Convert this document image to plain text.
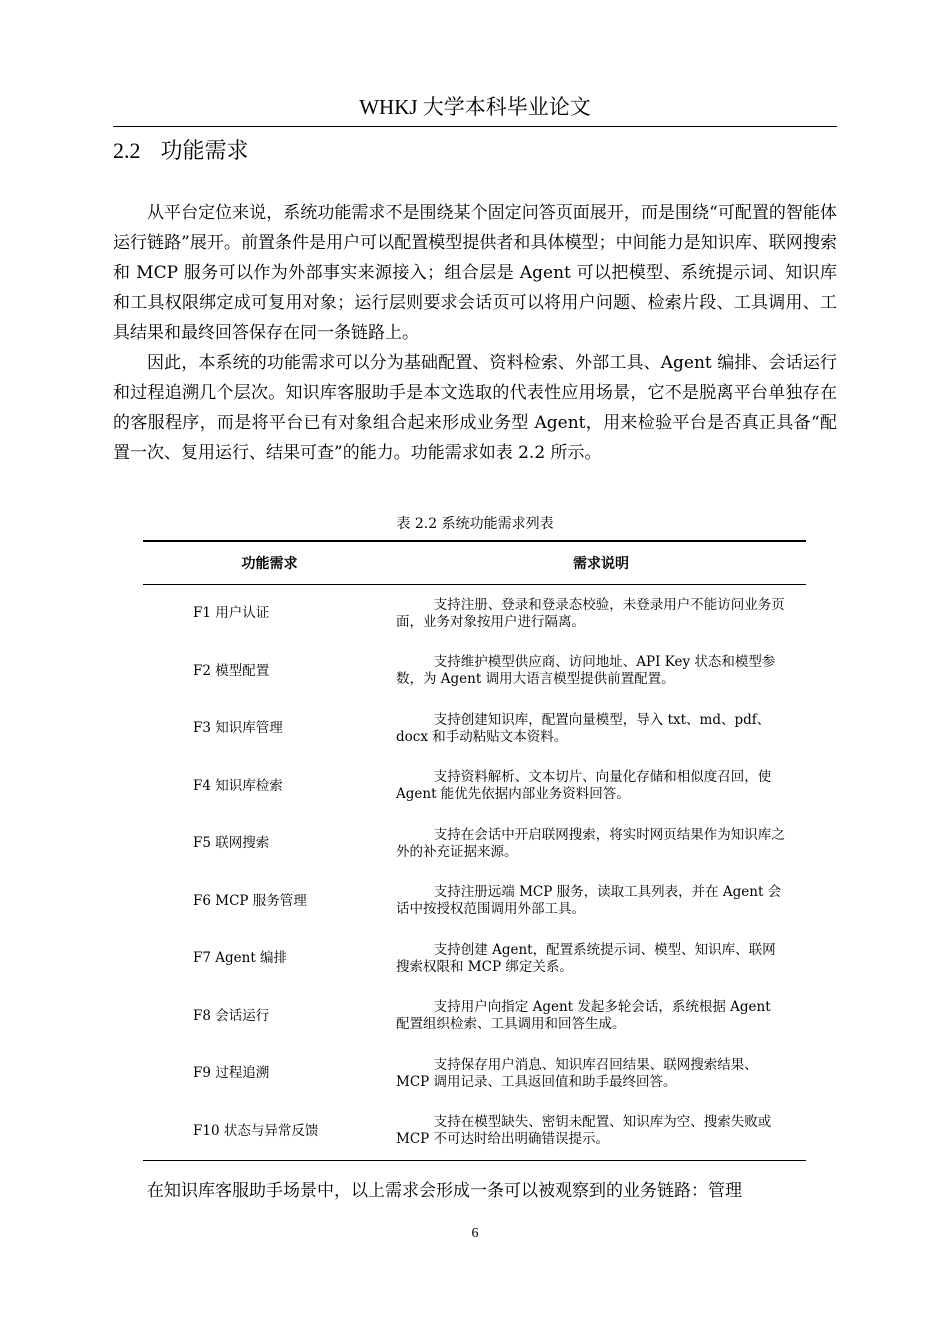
WHKJ 大学本科毕业论文
2.2 功能需求

从平台定位来说，系统功能需求不是围绕某个固定问答页面展开，而是围绕“可配置的智能体运行链路”展开。前置条件是用户可以配置模型提供者和具体模型；中间能力是知识库、联网搜索和 MCP 服务可以作为外部事实来源接入；组合层是 Agent 可以把模型、系统提示词、知识库和工具权限绑定成可复用对象；运行层则要求会话页可以将用户问题、检索片段、工具调用、工具结果和最终回答保存在同一条链路上。

因此，本系统的功能需求可以分为基础配置、资料检索、外部工具、Agent 编排、会话运行和过程追溯几个层次。知识库客服助手是本文选取的代表性应用场景，它不是脱离平台单独存在的客服程序，而是将平台已有对象组合起来形成业务型 Agent，用来检验平台是否真正具备“配置一次、复用运行、结果可查”的能力。功能需求如表 2.2 所示。

表 2.2 系统功能需求列表
功能需求	需求说明
F1 用户认证	支持注册、登录和登录态校验，未登录用户不能访问业务页面，业务对象按用户进行隔离。
F2 模型配置	支持维护模型供应商、访问地址、API Key 状态和模型参数，为 Agent 调用大语言模型提供前置配置。
F3 知识库管理	支持创建知识库，配置向量模型，导入 txt、md、pdf、docx 和手动粘贴文本资料。
F4 知识库检索	支持资料解析、文本切片、向量化存储和相似度召回，使 Agent 能优先依据内部业务资料回答。
F5 联网搜索	支持在会话中开启联网搜索，将实时网页结果作为知识库之外的补充证据来源。
F6 MCP 服务管理	支持注册远端 MCP 服务，读取工具列表，并在 Agent 会话中按授权范围调用外部工具。
F7 Agent 编排	支持创建 Agent，配置系统提示词、模型、知识库、联网搜索权限和 MCP 绑定关系。
F8 会话运行	支持用户向指定 Agent 发起多轮会话，系统根据 Agent 配置组织检索、工具调用和回答生成。
F9 过程追溯	支持保存用户消息、知识库召回结果、联网搜索结果、MCP 调用记录、工具返回值和助手最终回答。
F10 状态与异常反馈	支持在模型缺失、密钥未配置、知识库为空、搜索失败或 MCP 不可达时给出明确错误提示。
在知识库客服助手场景中，以上需求会形成一条可以被观察到的业务链路：管理
6
